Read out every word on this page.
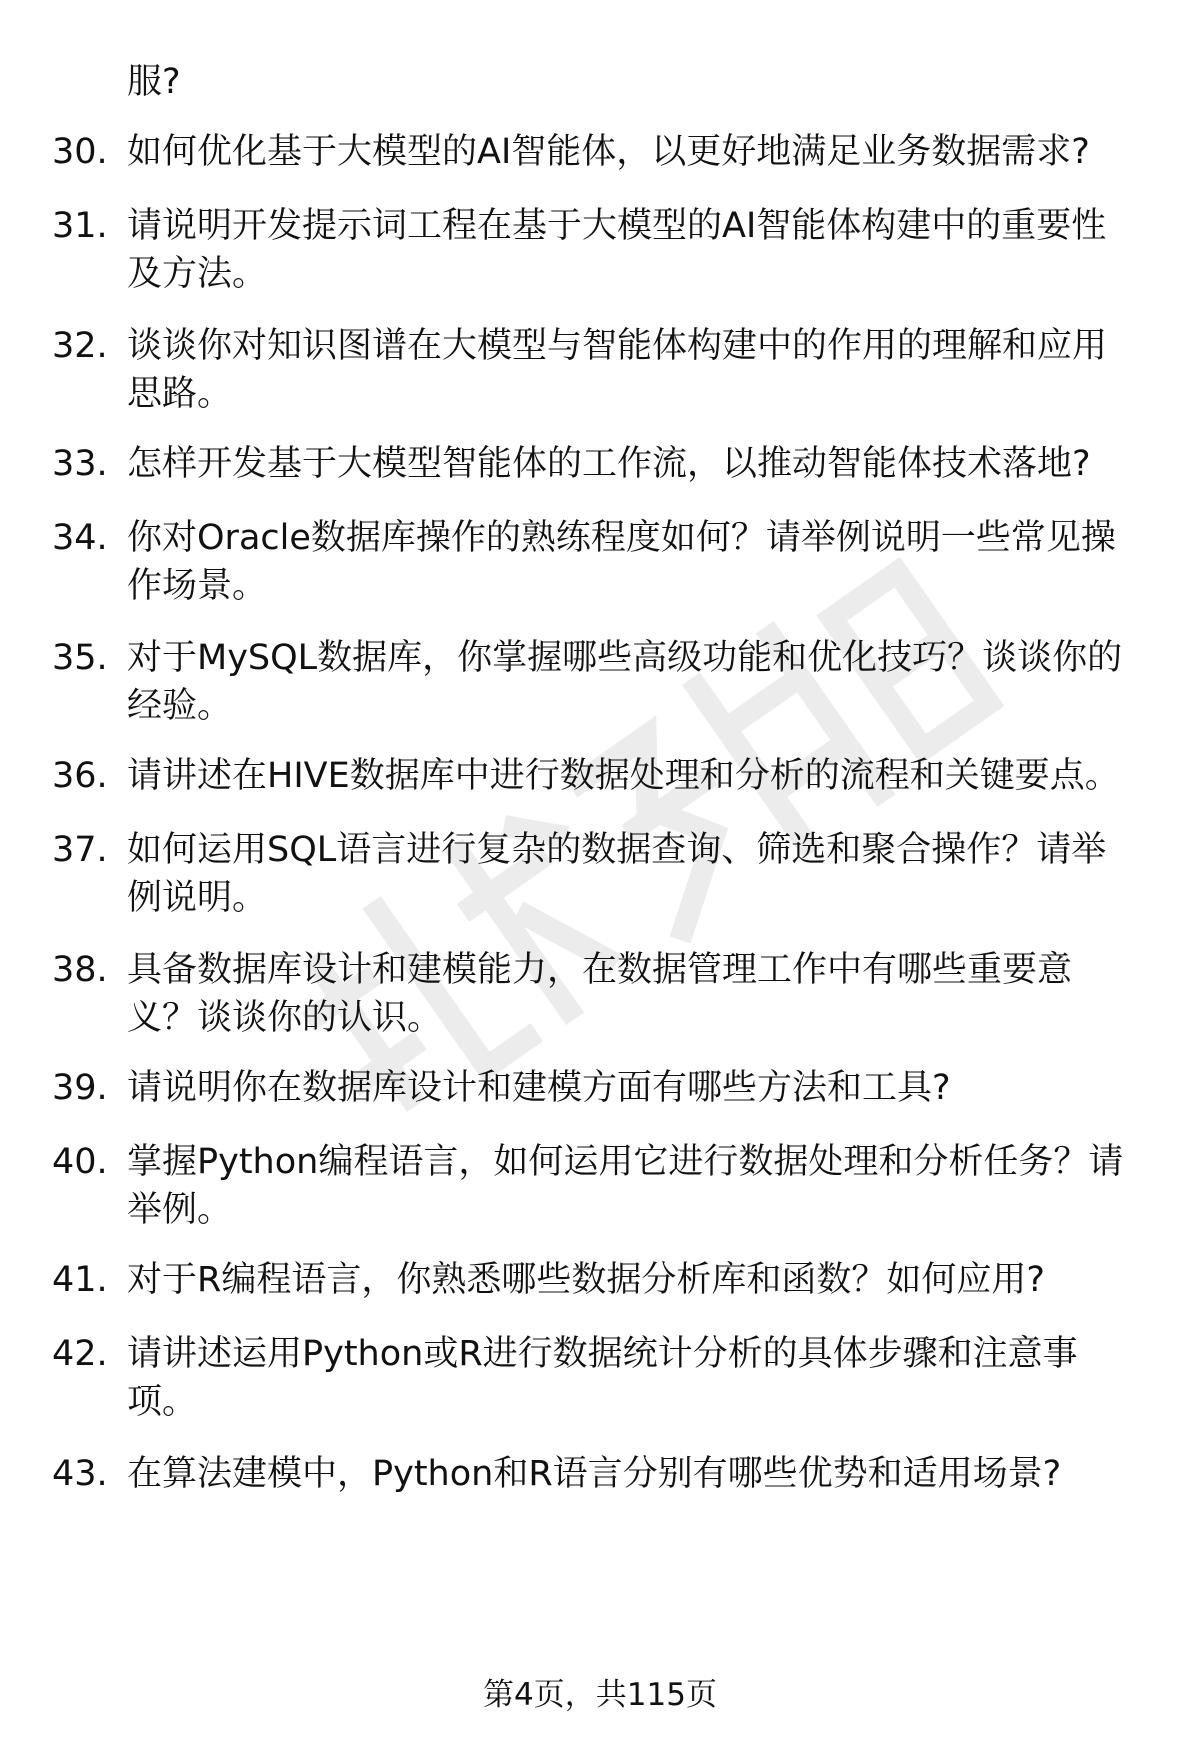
服?
30. 如何优化基于大模型的AI智能体，以更好地满足业务数据需求?
31. 请说明开发提示词工程在基于大模型的AI智能体构建中的重要性及方法。
32. 谈谈你对知识图谱在大模型与智能体构建中的作用的理解和应用思路。
33. 怎样开发基于大模型智能体的工作流，以推动智能体技术落地?
34. 你对Oracle数据库操作的熟练程度如何？请举例说明一些常见操作场景。
35. 对于MySQL数据库，你掌握哪些高级功能和优化技巧？谈谈你的经验。
36. 请讲述在HIVE数据库中进行数据处理和分析的流程和关键要点。
37. 如何运用SQL语言进行复杂的数据查询、筛选和聚合操作？请举例说明。
38. 具备数据库设计和建模能力，在数据管理工作中有哪些重要意义？谈谈你的认识。
39. 请说明你在数据库设计和建模方面有哪些方法和工具?
40. 掌握Python编程语言，如何运用它进行数据处理和分析任务？请举例。
41. 对于R编程语言，你熟悉哪些数据分析库和函数？如何应用?
42. 请讲述运用Python或R进行数据统计分析的具体步骤和注意事项。
43. 在算法建模中，Python和R语言分别有哪些优势和适用场景?
第4页，共115页
